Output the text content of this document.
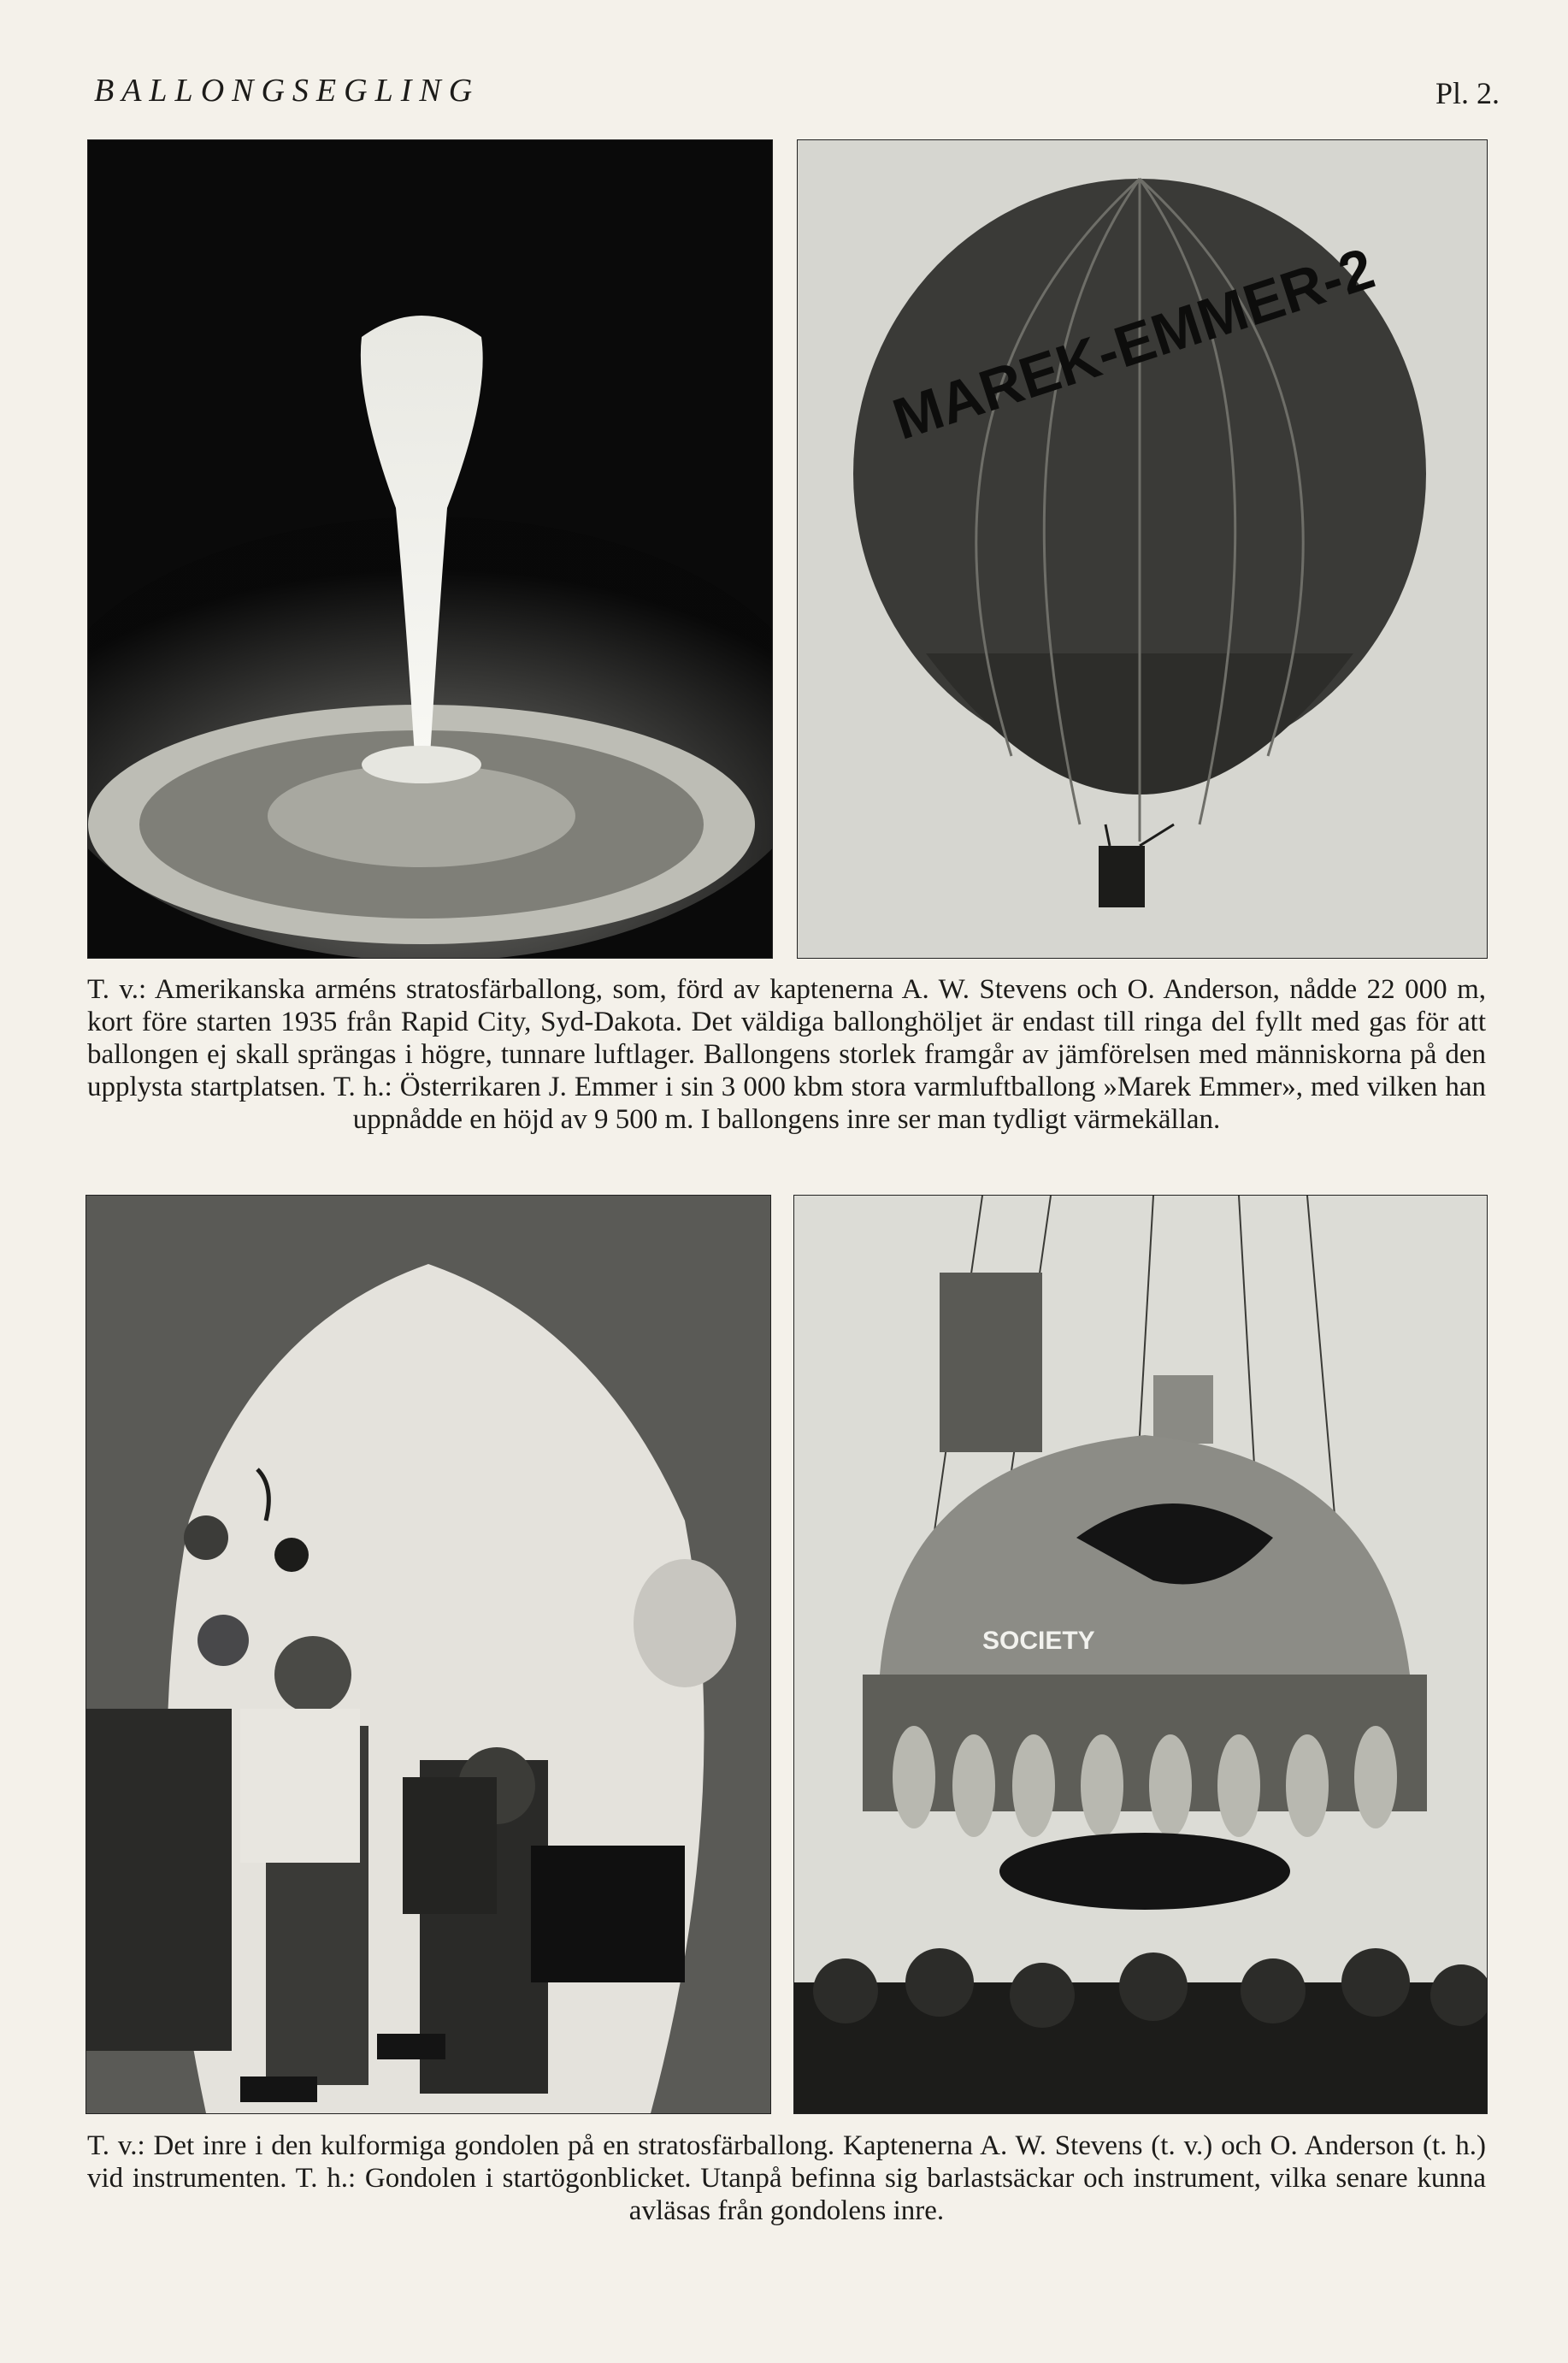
BALLONGSEGLING	Pl. 2.
MAREK-EMMER-2
T. v.: Amerikanska arméns stratosfärballong, som, förd av kaptenerna A. W. Stevens och O. Anderson, nådde 22 000 m, kort före starten 1935 från Rapid City, Syd-Dakota. Det väldiga ballonghöljet är endast till ringa del fyllt med gas för att ballongen ej skall sprängas i högre, tunnare luftlager. Ballongens storlek framgår av jämförelsen med människorna på den upplysta startplatsen. T. h.: Österrikaren J. Emmer i sin 3 000 kbm stora varmluftballong »Marek Emmer», med vilken han uppnådde en höjd av 9 500 m. I ballongens inre ser man tydligt värmekällan.
SOCIETY
T. v.: Det inre i den kulformiga gondolen på en stratosfärballong. Kaptenerna A. W. Stevens (t. v.) och O. Anderson (t. h.) vid instrumenten. T. h.: Gondolen i startögonblicket. Utanpå befinna sig barlastsäckar och instrument, vilka senare kunna avläsas från gondolens inre.
